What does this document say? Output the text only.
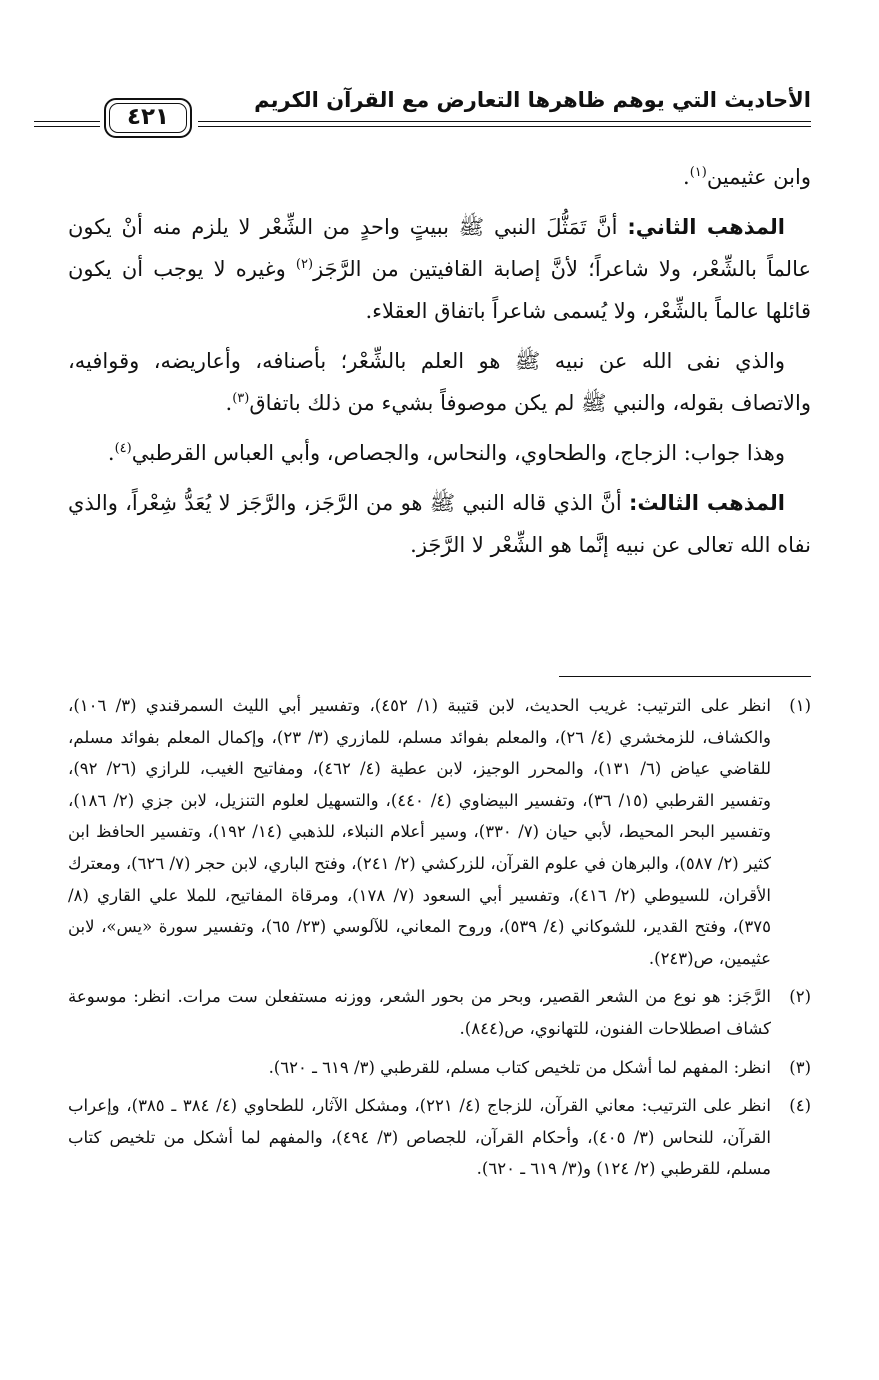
الأحاديث التي يوهم ظاهرها التعارض مع القرآن الكريم
٤٢١

وابن عثيمين$^{(١)}$.

المذهب الثاني: أنَّ تَمَثُّلَ النبي ﷺ ببيتٍ واحدٍ من الشِّعْر لا يلزم منه أنْ يكون عالماً بالشِّعْر، ولا شاعراً؛ لأنَّ إصابة القافيتين من الرَّجَز$^{(٢)}$ وغيره لا يوجب أن يكون قائلها عالماً بالشِّعْر، ولا يُسمى شاعراً باتفاق العقلاء.

والذي نفى الله عن نبيه ﷺ هو العلم بالشِّعْر؛ بأصنافه، وأعاريضه، وقوافيه، والاتصاف بقوله، والنبي ﷺ لم يكن موصوفاً بشيء من ذلك باتفاق$^{(٣)}$.

وهذا جواب: الزجاج، والطحاوي، والنحاس، والجصاص، وأبي العباس القرطبي$^{(٤)}$.

المذهب الثالث: أنَّ الذي قاله النبي ﷺ هو من الرَّجَز، والرَّجَز لا يُعَدُّ شِعْراً، والذي نفاه الله تعالى عن نبيه إنَّما هو الشِّعْر لا الرَّجَز.

(١)
انظر على الترتيب: غريب الحديث، لابن قتيبة (١/ ٤٥٢)، وتفسير أبي الليث السمرقندي (٣/ ١٠٦)، والكشاف، للزمخشري (٤/ ٢٦)، والمعلم بفوائد مسلم، للمازري (٣/ ٢٣)، وإكمال المعلم بفوائد مسلم، للقاضي عياض (٦/ ١٣١)، والمحرر الوجيز، لابن عطية (٤/ ٤٦٢)، ومفاتيح الغيب، للرازي (٢٦/ ٩٢)، وتفسير القرطبي (١٥/ ٣٦)، وتفسير البيضاوي (٤/ ٤٤٠)، والتسهيل لعلوم التنزيل، لابن جزي (٢/ ١٨٦)، وتفسير البحر المحيط، لأبي حيان (٧/ ٣٣٠)، وسير أعلام النبلاء، للذهبي (١٤/ ١٩٢)، وتفسير الحافظ ابن كثير (٢/ ٥٨٧)، والبرهان في علوم القرآن، للزركشي (٢/ ٢٤١)، وفتح الباري، لابن حجر (٧/ ٦٢٦)، ومعترك الأقران، للسيوطي (٢/ ٤١٦)، وتفسير أبي السعود (٧/ ١٧٨)، ومرقاة المفاتيح، للملا علي القاري (٨/ ٣٧٥)، وفتح القدير، للشوكاني (٤/ ٥٣٩)، وروح المعاني، للآلوسي (٢٣/ ٦٥)، وتفسير سورة «يس»، لابن عثيمين، ص(٢٤٣).
(٢)
الرَّجَز: هو نوع من الشعر القصير، وبحر من بحور الشعر، ووزنه مستفعلن ست مرات. انظر: موسوعة كشاف اصطلاحات الفنون، للتهانوي، ص(٨٤٤).
(٣)
انظر: المفهم لما أشكل من تلخيص كتاب مسلم، للقرطبي (٣/ ٦١٩ ـ ٦٢٠).
(٤)
انظر على الترتيب: معاني القرآن، للزجاج (٤/ ٢٢١)، ومشكل الآثار، للطحاوي (٤/ ٣٨٤ ـ ٣٨٥)، وإعراب القرآن، للنحاس (٣/ ٤٠٥)، وأحكام القرآن، للجصاص (٣/ ٤٩٤)، والمفهم لما أشكل من تلخيص كتاب مسلم، للقرطبي (٢/ ١٢٤) و(٣/ ٦١٩ ـ ٦٢٠).
